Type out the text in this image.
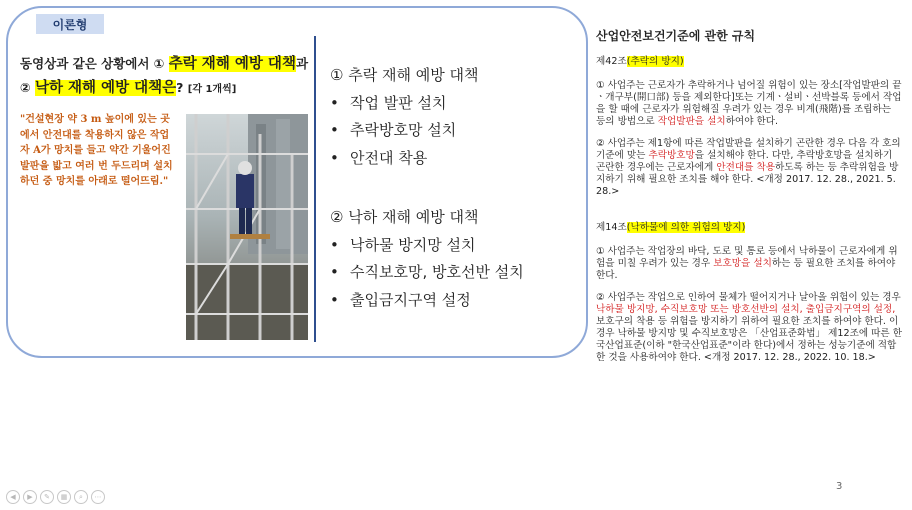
이론형
동영상과 같은 상황에서 ① 추락 재해 예방 대책과
② 낙하 재해 예방 대책은? [각 1개씩]
"건설현장 약 3 m 높이에 있는 곳에서 안전대를 착용하지 않은 작업자 A가 망치를 들고 약간 기울어진 발판을 밟고 여러 번 두드리며 설치하던 중 망치를 아래로 떨어뜨림."
① 추락 재해 예방 대책
• 작업 발판 설치
• 추락방호망 설치
• 안전대 착용
② 낙하 재해 예방 대책
• 낙하물 방지망 설치
• 수직보호망, 방호선반 설치
• 출입금지구역 설정
산업안전보건기준에 관한 규칙
제42조(추락의 방지)

① 사업주는 근로자가 추락하거나 넘어질 위험이 있는 장소[작업발판의 끝ㆍ개구부(開口部) 등을 제외한다]또는 기계ㆍ설비ㆍ선박블록 등에서 작업을 할 때에 근로자가 위험해질 우려가 있는 경우 비계(飛階)를 조립하는 등의 방법으로 작업발판을 설치하여야 한다.

② 사업주는 제1항에 따른 작업발판을 설치하기 곤란한 경우 다음 각 호의 기준에 맞는 추락방호망을 설치해야 한다. 다만, 추락방호망을 설치하기 곤란한 경우에는 근로자에게 안전대를 착용하도록 하는 등 추락위험을 방지하기 위해 필요한 조치를 해야 한다. <개정 2017. 12. 28., 2021. 5. 28.>

제14조(낙하물에 의한 위험의 방지)

① 사업주는 작업장의 바닥, 도로 및 통로 등에서 낙하물이 근로자에게 위험을 미칠 우려가 있는 경우 보호망을 설치하는 등 필요한 조치를 하여야 한다.

② 사업주는 작업으로 인하여 물체가 떨어지거나 날아올 위험이 있는 경우 낙하물 방지망, 수직보호망 또는 방호선반의 설치, 출입금지구역의 설정, 보호구의 착용 등 위험을 방지하기 위하여 필요한 조치를 하여야 한다. 이 경우 낙하물 방지망 및 수직보호망은 「산업표준화법」 제12조에 따른 한국산업표준(이하 "한국산업표준"이라 한다)에서 정하는 성능기준에 적합한 것을 사용하여야 한다. <개정 2017. 12. 28., 2022. 10. 18.>

3
◀	▶	✎	▦	⌕	⋯
